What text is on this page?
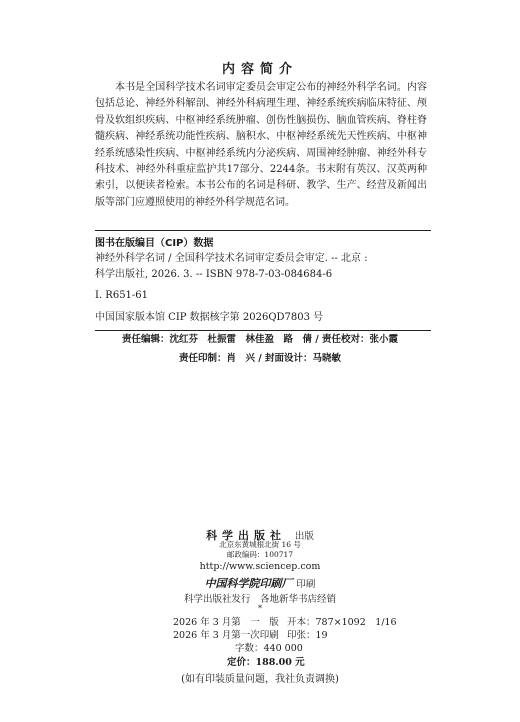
内容简介

本书是全国科学技术名词审定委员会审定公布的神经外科学名词。内容包括总论、神经外科解剖、神经外科病理生理、神经系统疾病临床特征、颅骨及软组织疾病、中枢神经系统肿瘤、创伤性脑损伤、脑血管疾病、脊柱脊髓疾病、神经系统功能性疾病、脑积水、中枢神经系统先天性疾病、中枢神经系统感染性疾病、中枢神经系统内分泌疾病、周围神经肿瘤、神经外科专科技术、神经外科重症监护共17部分、2244条。书末附有英汉、汉英两种索引，以便读者检索。本书公布的名词是科研、教学、生产、经营及新闻出版等部门应遵照使用的神经外科学规范名词。

图书在版编目（CIP）数据
神经外科学名词 / 全国科学技术名词审定委员会审定. -- 北京 :
科学出版社, 2026. 3. -- ISBN 978-7-03-084684-6
Ⅰ. R651-61
中国国家版本馆 CIP 数据核字第 2026QD7803 号
责任编辑：沈红芬　杜振雷　林佳盈　路　倩 / 责任校对：张小霞
责任印制：肖　兴 / 封面设计：马晓敏
科学出版社 出版
北京东黄城根北街 16 号
邮政编码：100717
http://www.sciencep.com
中国科学院印刷厂 印刷
科学出版社发行　各地新华书店经销
*
2026 年 3 月第　一　版 开本：787×1092　1/16
2026 年 3 月第一次印刷 印张：19
字数：440 000
定价：188.00 元
(如有印装质量问题，我社负责调换)
